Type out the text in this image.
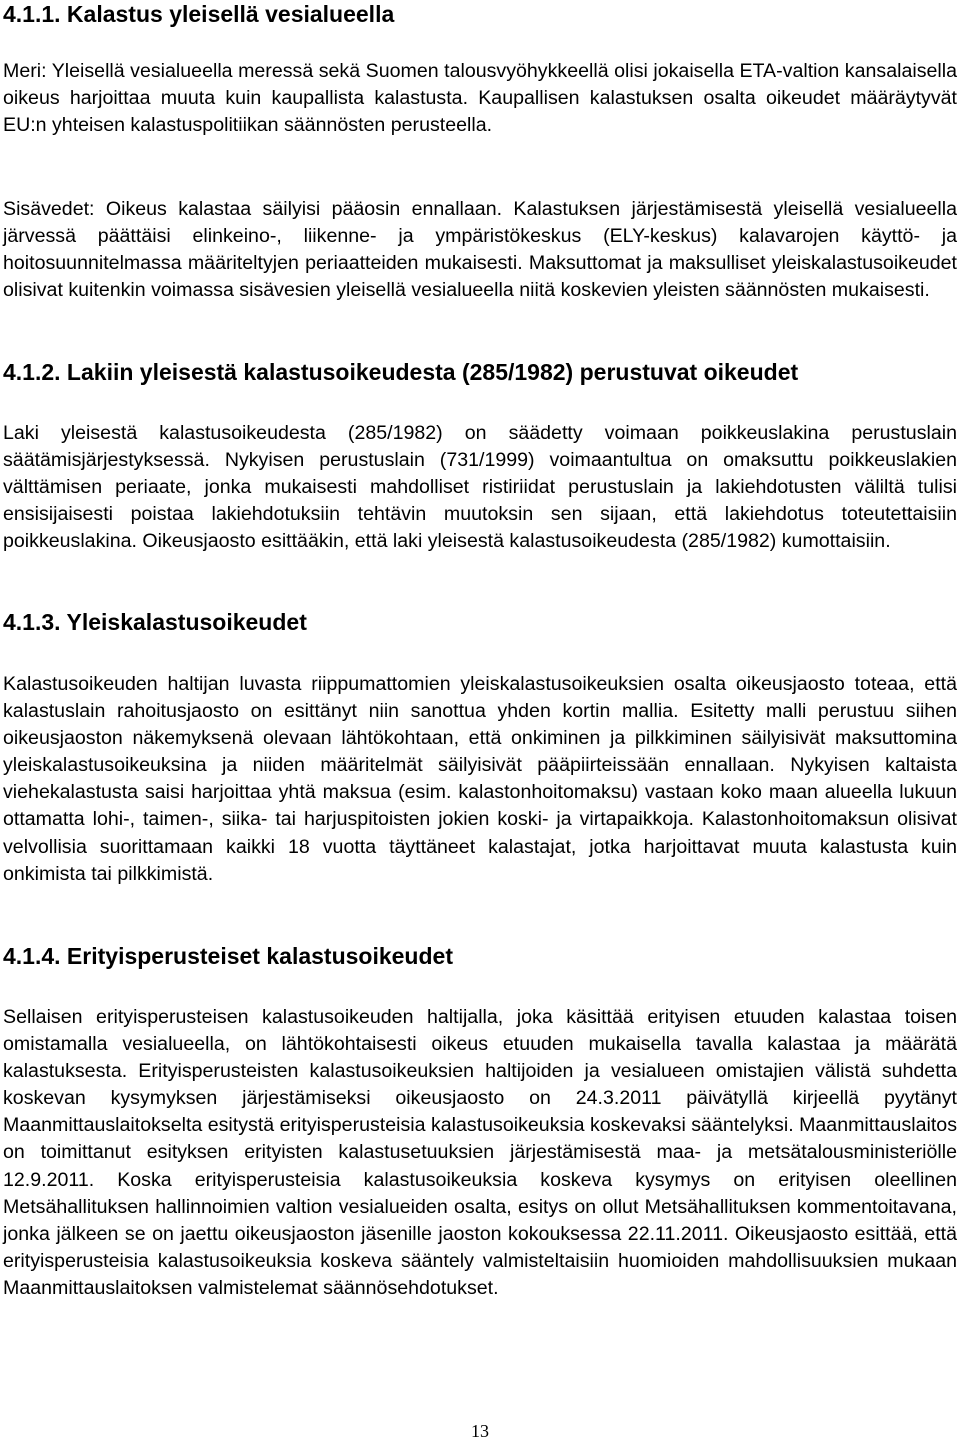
4.1.1. Kalastus yleisellä vesialueella

Meri: Yleisellä vesialueella meressä sekä Suomen talousvyöhykkeellä olisi jokaisella ETA-valtion kansalaisella oikeus harjoittaa muuta kuin kaupallista kalastusta. Kaupallisen kalastuksen osalta oikeudet määräytyvät EU:n yhteisen kalastuspolitiikan säännösten perusteella.

Sisävedet: Oikeus kalastaa säilyisi pääosin ennallaan. Kalastuksen järjestämisestä yleisellä vesialueella järvessä päättäisi elinkeino-, liikenne- ja ympäristökeskus (ELY-keskus) kalavarojen käyttö- ja hoitosuunnitelmassa määriteltyjen periaatteiden mukaisesti. Maksuttomat ja maksulliset yleiskalastusoikeudet olisivat kuitenkin voimassa sisävesien yleisellä vesialueella niitä koskevien yleisten säännösten mukaisesti.

4.1.2. Lakiin yleisestä kalastusoikeudesta (285/1982) perustuvat oikeudet

Laki yleisestä kalastusoikeudesta (285/1982) on säädetty voimaan poikkeuslakina perustuslain säätämisjärjestyksessä. Nykyisen perustuslain (731/1999) voimaantultua on omaksuttu poikkeuslakien välttämisen periaate, jonka mukaisesti mahdolliset ristiriidat perustuslain ja lakiehdotusten väliltä tulisi ensisijaisesti poistaa lakiehdotuksiin tehtävin muutoksin sen sijaan, että lakiehdotus toteutettaisiin poikkeuslakina. Oikeusjaosto esittääkin, että laki yleisestä kalastusoikeudesta (285/1982) kumottaisiin.

4.1.3. Yleiskalastusoikeudet

Kalastusoikeuden haltijan luvasta riippumattomien yleiskalastusoikeuksien osalta oikeusjaosto toteaa, että kalastuslain rahoitusjaosto on esittänyt niin sanottua yhden kortin mallia. Esitetty malli perustuu siihen oikeusjaoston näkemyksenä olevaan lähtökohtaan, että onkiminen ja pilkkiminen säilyisivät maksuttomina yleiskalastusoikeuksina ja niiden määritelmät säilyisivät pääpiirteissään ennallaan. Nykyisen kaltaista viehekalastusta saisi harjoittaa yhtä maksua (esim. kalastonhoitomaksu) vastaan koko maan alueella lukuun ottamatta lohi-, taimen-, siika- tai harjuspitoisten jokien koski- ja virtapaikkoja. Kalastonhoitomaksun olisivat velvollisia suorittamaan kaikki 18 vuotta täyttäneet kalastajat, jotka harjoittavat muuta kalastusta kuin onkimista tai pilkkimistä.

4.1.4. Erityisperusteiset kalastusoikeudet

Sellaisen erityisperusteisen kalastusoikeuden haltijalla, joka käsittää erityisen etuuden kalastaa toisen omistamalla vesialueella, on lähtökohtaisesti oikeus etuuden mukaisella tavalla kalastaa ja määrätä kalastuksesta. Erityisperusteisten kalastusoikeuksien haltijoiden ja vesialueen omistajien välistä suhdetta koskevan kysymyksen järjestämiseksi oikeusjaosto on 24.3.2011 päivätyllä kirjeellä pyytänyt Maanmittauslaitokselta esitystä erityisperusteisia kalastusoikeuksia koskevaksi sääntelyksi. Maanmittauslaitos on toimittanut esityksen erityisten kalastusetuuksien järjestämisestä maa- ja metsätalousministeriölle 12.9.2011. Koska erityisperusteisia kalastusoikeuksia koskeva kysymys on erityisen oleellinen Metsähallituksen hallinnoimien valtion vesialueiden osalta, esitys on ollut Metsähallituksen kommentoitavana, jonka jälkeen se on jaettu oikeusjaoston jäsenille jaoston kokouksessa 22.11.2011. Oikeusjaosto esittää, että erityisperusteisia kalastusoikeuksia koskeva sääntely valmisteltaisiin huomioiden mahdollisuuksien mukaan Maanmittauslaitoksen valmistelemat säännösehdotukset.

13
